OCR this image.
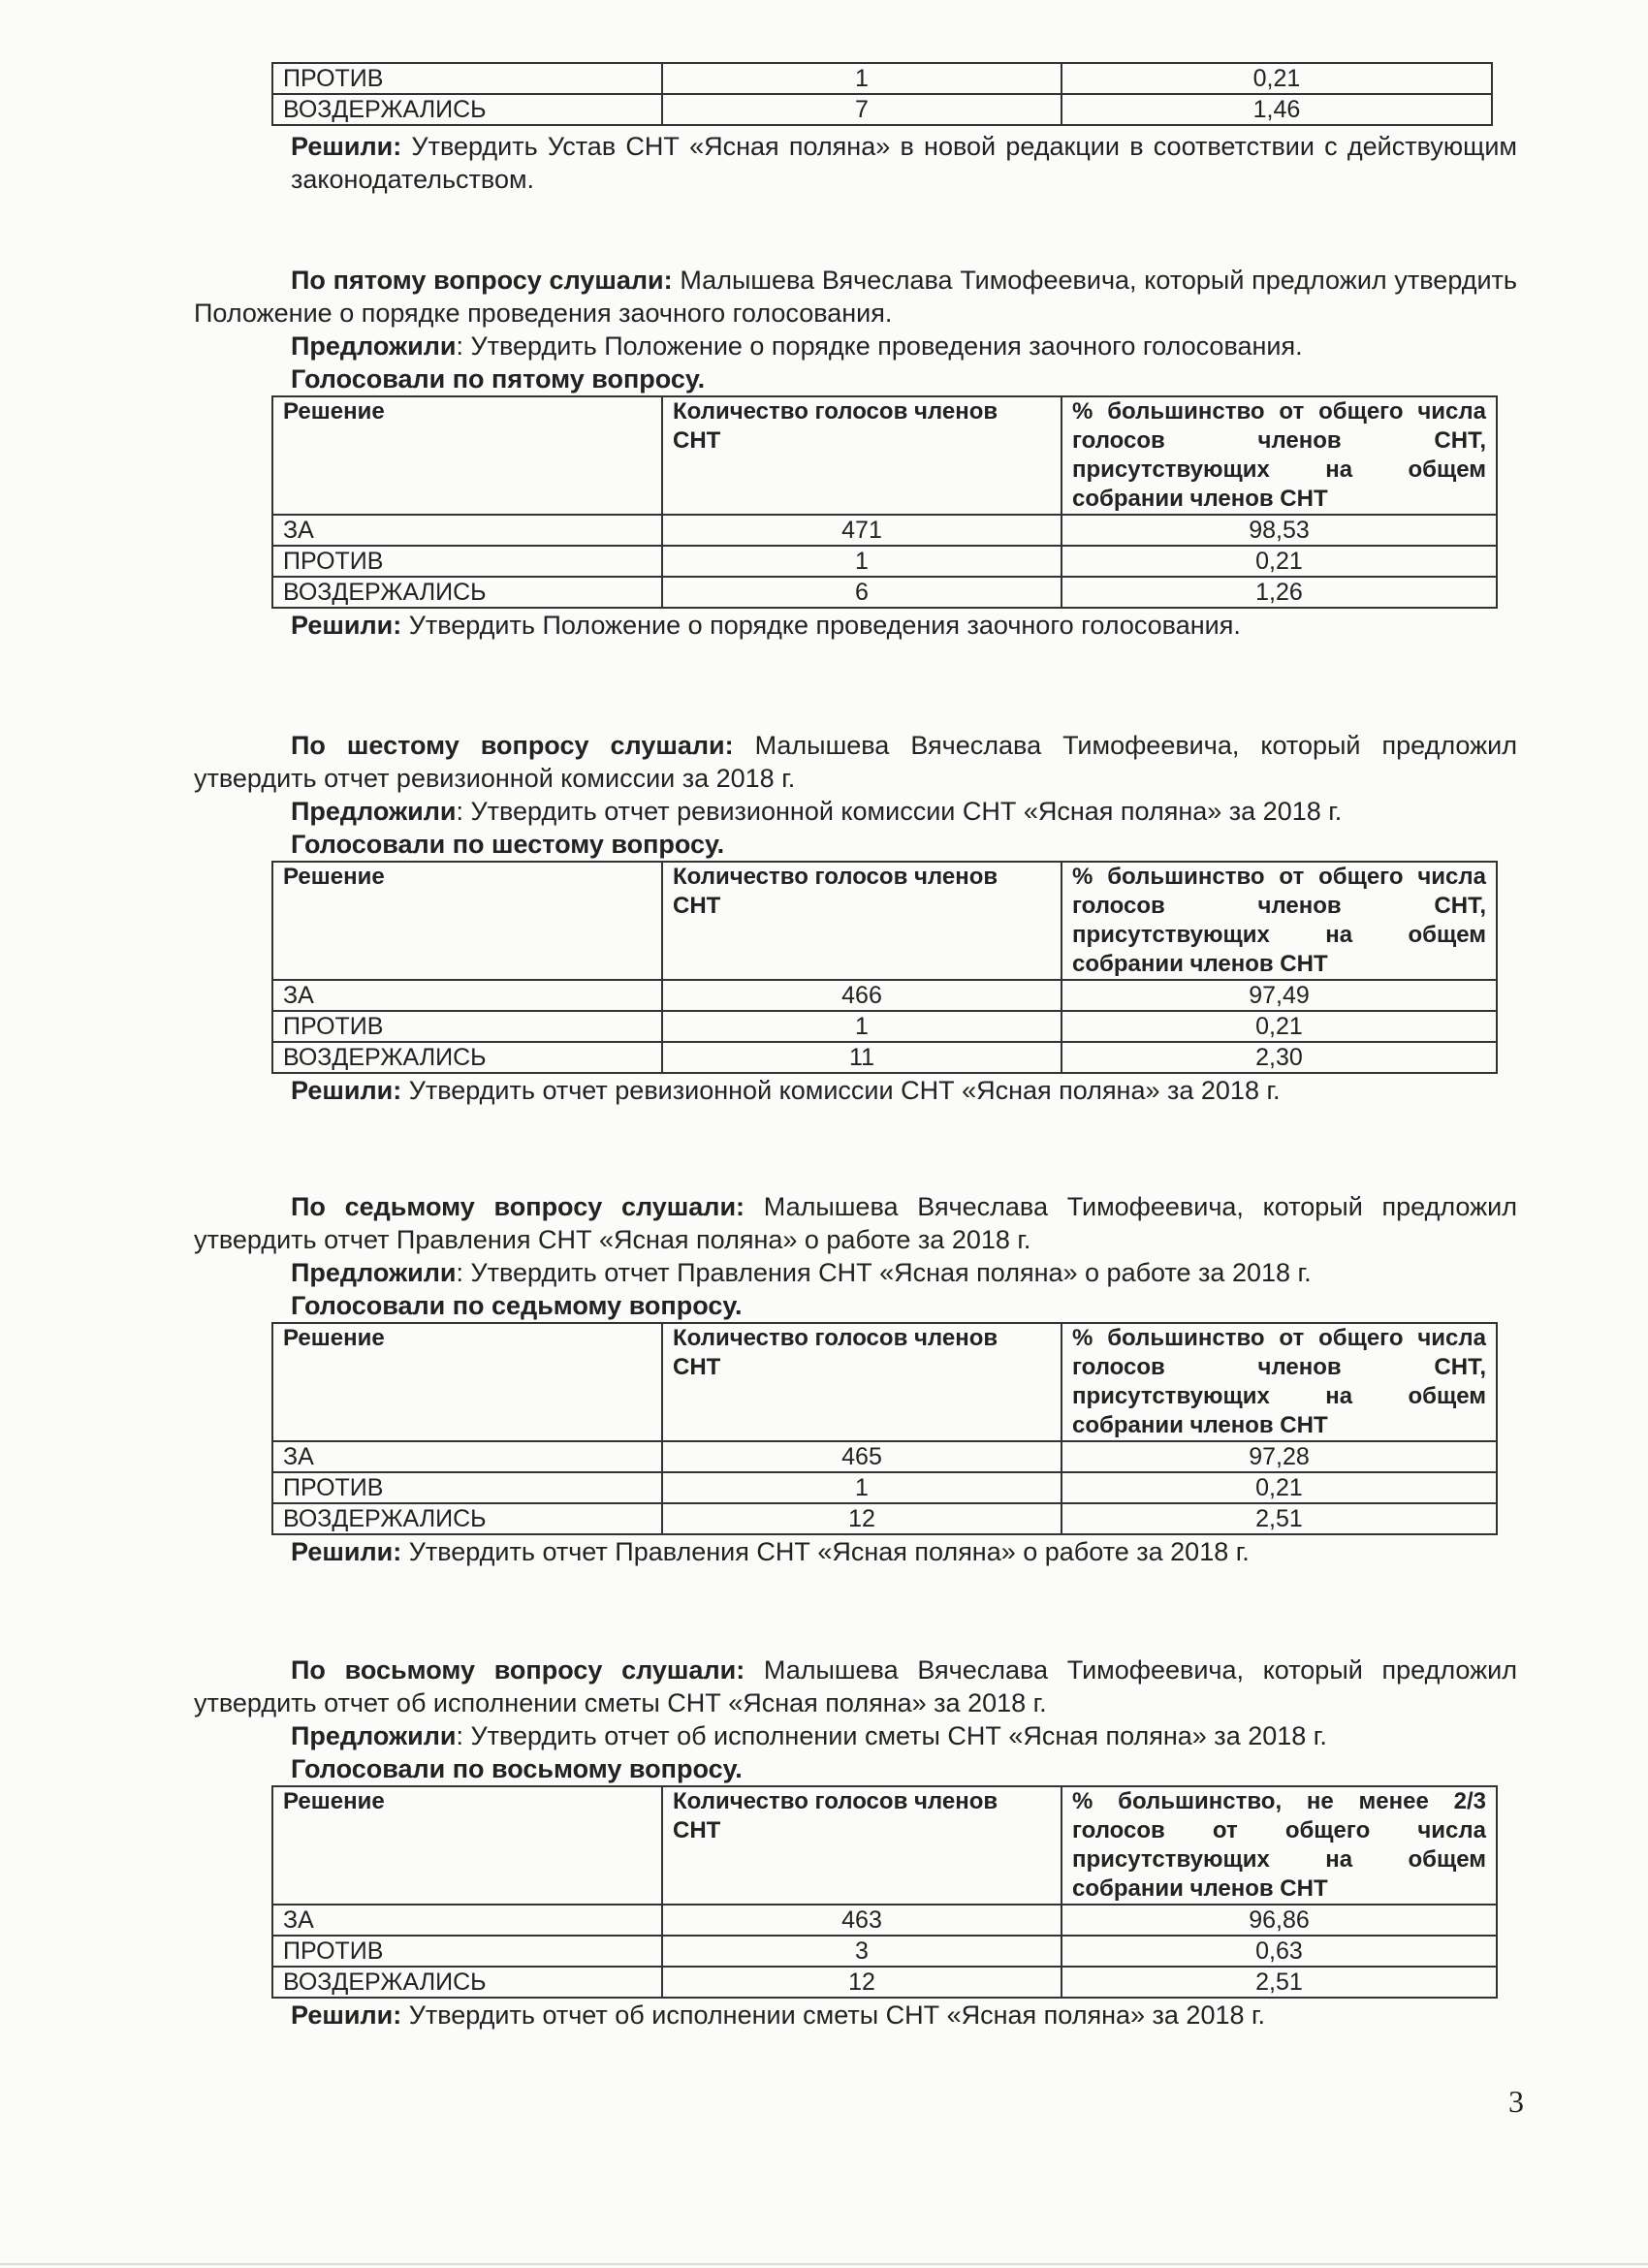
ПРОТИВ	1	0,21
ВОЗДЕРЖАЛИСЬ	7	1,46

Решили: Утвердить Устав СНТ «Ясная поляна» в новой редакции в соответствии с действующим законодательством.

По пятому вопросу слушали: Малышева Вячеслава Тимофеевича, который предложил утвердить Положение о порядке проведения заочного голосования.

Предложили: Утвердить Положение о порядке проведения заочного голосования.

Голосовали по пятому вопросу.

Решение	Количество голосов членов СНТ	% большинство от общего числа голосов членов СНТ, присутствующих на общем собрании членов СНТ
ЗА	471	98,53
ПРОТИВ	1	0,21
ВОЗДЕРЖАЛИСЬ	6	1,26

Решили: Утвердить Положение о порядке проведения заочного голосования.

По шестому вопросу слушали: Малышева Вячеслава Тимофеевича, который предложил утвердить отчет ревизионной комиссии за 2018 г.

Предложили: Утвердить отчет ревизионной комиссии СНТ «Ясная поляна» за 2018 г.

Голосовали по шестому вопросу.

Решение	Количество голосов членов СНТ	% большинство от общего числа голосов членов СНТ, присутствующих на общем собрании членов СНТ
ЗА	466	97,49
ПРОТИВ	1	0,21
ВОЗДЕРЖАЛИСЬ	11	2,30

Решили: Утвердить отчет ревизионной комиссии СНТ «Ясная поляна» за 2018 г.

По седьмому вопросу слушали: Малышева Вячеслава Тимофеевича, который предложил утвердить отчет Правления СНТ «Ясная поляна» о работе за 2018 г.

Предложили: Утвердить отчет Правления СНТ «Ясная поляна» о работе за 2018 г.

Голосовали по седьмому вопросу.

Решение	Количество голосов членов СНТ	% большинство от общего числа голосов членов СНТ, присутствующих на общем собрании членов СНТ
ЗА	465	97,28
ПРОТИВ	1	0,21
ВОЗДЕРЖАЛИСЬ	12	2,51

Решили: Утвердить отчет Правления СНТ «Ясная поляна» о работе за 2018 г.

По восьмому вопросу слушали: Малышева Вячеслава Тимофеевича, который предложил утвердить отчет об исполнении сметы СНТ «Ясная поляна» за 2018 г.

Предложили: Утвердить отчет об исполнении сметы СНТ «Ясная поляна» за 2018 г.

Голосовали по восьмому вопросу.

Решение	Количество голосов членов СНТ	% большинство, не менее 2/3 голосов от общего числа присутствующих на общем собрании членов СНТ
ЗА	463	96,86
ПРОТИВ	3	0,63
ВОЗДЕРЖАЛИСЬ	12	2,51

Решили: Утвердить отчет об исполнении сметы СНТ «Ясная поляна» за 2018 г.

3
